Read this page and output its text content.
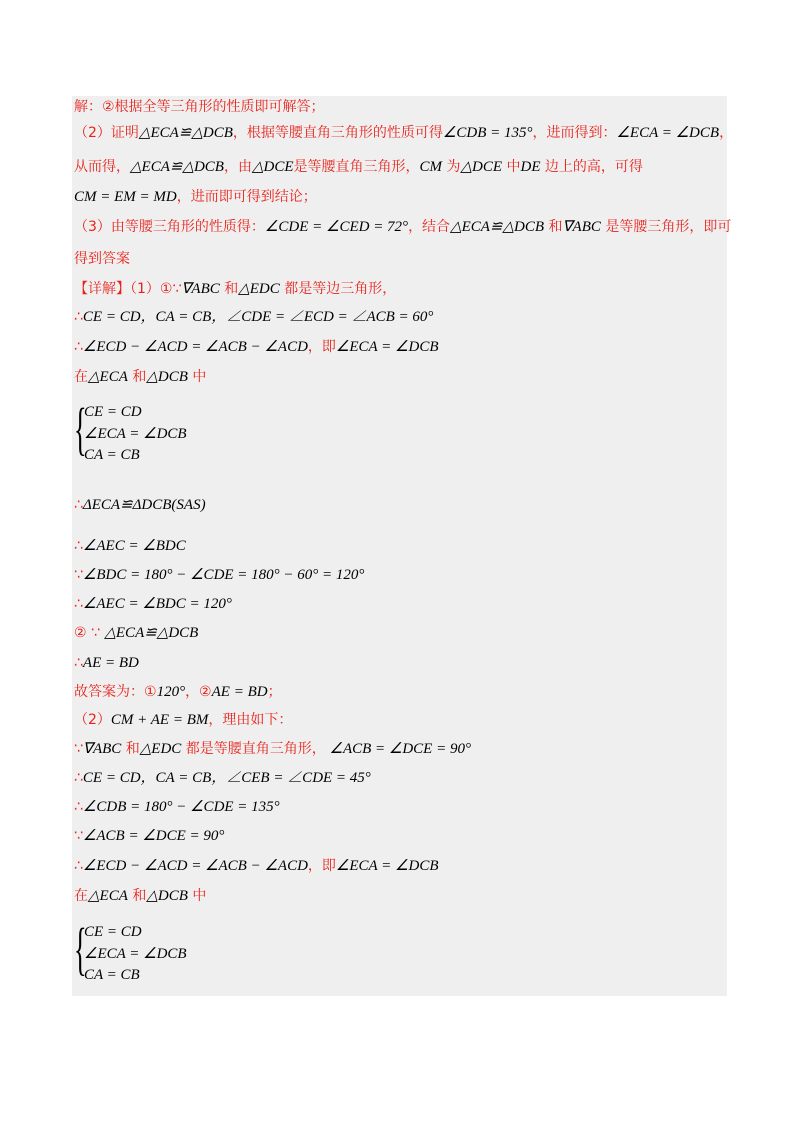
解：②根据全等三角形的性质即可解答；
（2）证明△ECA≌△DCB，根据等腰直角三角形的性质可得∠CDB = 135°，进而得到：∠ECA = ∠DCB，
从而得，△ECA≌△DCB，由△DCE是等腰直角三角形，CM 为△DCE 中DE 边上的高，可得
CM = EM = MD，进而即可得到结论；
（3）由等腰三角形的性质得：∠CDE = ∠CED = 72°，结合△ECA≌△DCB 和∇ABC 是等腰三角形，即可
得到答案
【详解】（1）①∵∇ABC 和△EDC 都是等边三角形，
∴CE = CD，CA = CB，∠CDE = ∠ECD = ∠ACB = 60°
∴∠ECD − ∠ACD = ∠ACB − ∠ACD，即∠ECA = ∠DCB
在△ECA 和△DCB 中
∴ΔECA≌ΔDCB(SAS)
∴∠AEC = ∠BDC
∵∠BDC = 180° − ∠CDE = 180° − 60° = 120°
∴∠AEC = ∠BDC = 120°
② ∵ △ECA≌△DCB
∴AE = BD
故答案为：①120°，②AE = BD；
（2）CM + AE = BM，理由如下：
∵∇ABC 和△EDC 都是等腰直角三角形， ∠ACB = ∠DCE = 90°
∴CE = CD，CA = CB，∠CEB = ∠CDE = 45°
∴∠CDB = 180° − ∠CDE = 135°
∵∠ACB = ∠DCE = 90°
∴∠ECD − ∠ACD = ∠ACB − ∠ACD，即∠ECA = ∠DCB
在△ECA 和△DCB 中
{
CE = CD
∠ECA = ∠DCB
CA = CB
{
CE = CD
∠ECA = ∠DCB
CA = CB
